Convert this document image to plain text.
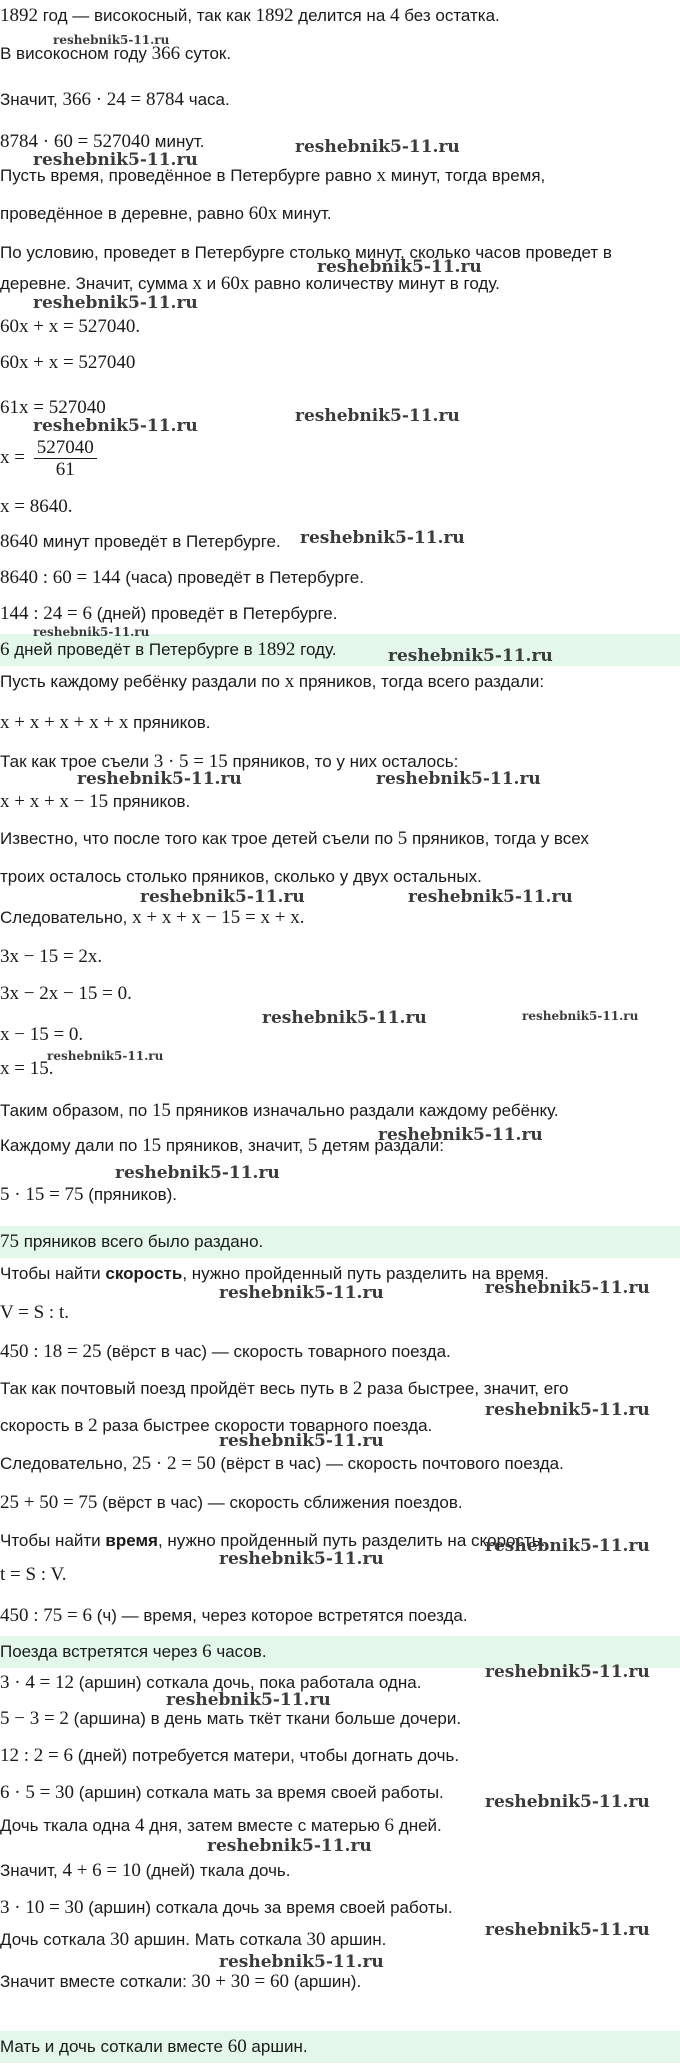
1892 год — високосный, так как 1892 делится на 4 без остатка.
В високосном году 366 суток.
Значит, 366 · 24 = 8784 часа.
8784 · 60 = 527040 минут.
Пусть время, проведённое в Петербурге равно x минут, тогда время,
проведённое в деревне, равно 60x минут.
По условию, проведет в Петербурге столько минут, сколько часов проведет в
деревне. Значит, сумма x и 60x равно количеству минут в году.
60x + x = 527040.
60x + x = 527040
61x = 527040
$x = \frac{527040}{61}$
x = 8640.
8640 минут проведёт в Петербурге.
8640 : 60 = 144 (часа) проведёт в Петербурге.
144 : 24 = 6 (дней) проведёт в Петербурге.
6 дней проведёт в Петербурге в 1892 году.
Пусть каждому ребёнку раздали по x пряников, тогда всего раздали:
x + x + x + x + x пряников.
Так как трое съели 3 · 5 = 15 пряников, то у них осталось:
x + x + x − 15 пряников.
Известно, что после того как трое детей съели по 5 пряников, тогда у всех
троих осталось столько пряников, сколько у двух остальных.
Следовательно, x + x + x − 15 = x + x.
3x − 15 = 2x.
3x − 2x − 15 = 0.
x − 15 = 0.
x = 15.
Таким образом, по 15 пряников изначально раздали каждому ребёнку.
Каждому дали по 15 пряников, значит, 5 детям раздали:
5 · 15 = 75 (пряников).
75 пряников всего было раздано.
Чтобы найти скорость, нужно пройденный путь разделить на время.
V = S : t.
450 : 18 = 25 (вёрст в час) — скорость товарного поезда.
Так как почтовый поезд пройдёт весь путь в 2 раза быстрее, значит, его
скорость в 2 раза быстрее скорости товарного поезда.
Следовательно, 25 · 2 = 50 (вёрст в час) — скорость почтового поезда.
25 + 50 = 75 (вёрст в час) — скорость сближения поездов.
Чтобы найти время, нужно пройденный путь разделить на скорость.
t = S : V.
450 : 75 = 6 (ч) — время, через которое встретятся поезда.
Поезда встретятся через 6 часов.
3 · 4 = 12 (аршин) соткала дочь, пока работала одна.
5 − 3 = 2 (аршина) в день мать ткёт ткани больше дочери.
12 : 2 = 6 (дней) потребуется матери, чтобы догнать дочь.
6 · 5 = 30 (аршин) соткала мать за время своей работы.
Дочь ткала одна 4 дня, затем вместе с матерью 6 дней.
Значит, 4 + 6 = 10 (дней) ткала дочь.
3 · 10 = 30 (аршин) соткала дочь за время своей работы.
Дочь соткала 30 аршин. Мать соткала 30 аршин.
Значит вместе соткали: 30 + 30 = 60 (аршин).
Мать и дочь соткали вместе 60 аршин.
reshebnik5-11.ru
reshebnik5-11.ru
reshebnik5-11.ru
reshebnik5-11.ru
reshebnik5-11.ru
reshebnik5-11.ru
reshebnik5-11.ru
reshebnik5-11.ru
reshebnik5-11.ru
reshebnik5-11.ru
reshebnik5-11.ru	reshebnik5-11.ru
reshebnik5-11.ru	reshebnik5-11.ru
reshebnik5-11.ru	reshebnik5-11.ru
reshebnik5-11.ru
reshebnik5-11.ru
reshebnik5-11.ru
reshebnik5-11.ru	reshebnik5-11.ru
reshebnik5-11.ru
reshebnik5-11.ru
reshebnik5-11.ru
reshebnik5-11.ru
reshebnik5-11.ru
reshebnik5-11.ru
reshebnik5-11.ru
reshebnik5-11.ru
reshebnik5-11.ru
reshebnik5-11.ru
